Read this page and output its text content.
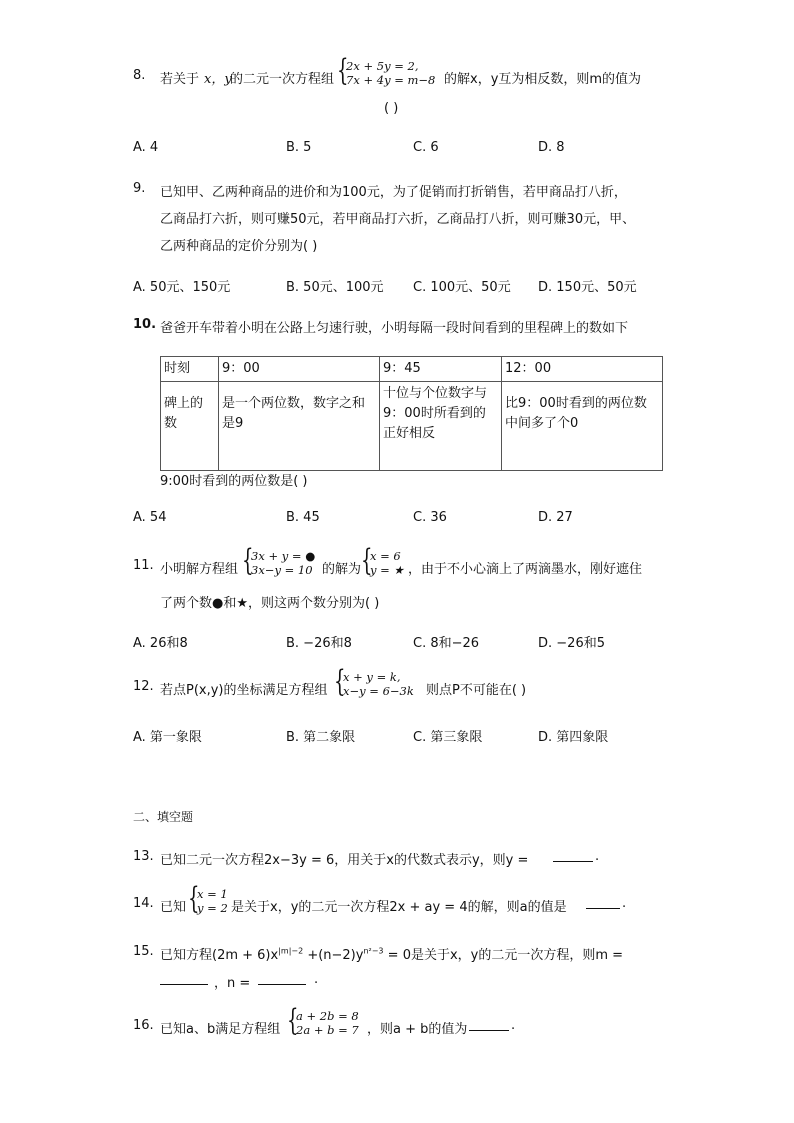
8. 若关于 x，y
的二元一次方程组 {
2x + 5y = 2,
7x + 4y = m−8 的解x，y互为相反数，则m的值为
( )
A. 4	B. 5	C. 6	D. 8
9. 已知甲、乙两种商品的进价和为100元，为了促销而打折销售，若甲商品打八折，
乙商品打六折，则可赚50元，若甲商品打六折，乙商品打八折，则可赚30元，甲、
乙两种商品的定价分别为( )
A. 50元、150元	B. 50元、100元 C. 100元、50元 D. 150元、50元
10. 爸爸开车带着小明在公路上匀速行驶，小明每隔一段时间看到的里程碑上的数如下
时刻	9：00	9：45	12：00
碑上的数	是一个两位数，数字之和是9	十位与个位数字与9：00时所看到的正好相反	比9：00时看到的两位数中间多了个0
9:00时看到的两位数是( )
A. 54	B. 45	C. 36	D. 27
11. 小明解方程组 {
3x + y = ●
3x−y = 10 的解为 {
x = 6
y = ★ ，由于不小心滴上了两滴墨水，刚好遮住
了两个数●和★，则这两个数分别为( )
A. 26和8	B. −26和8	C. 8和−26	D. −26和5
12. 若点P(x,y)的坐标满足方程组 {
x + y = k,
x−y = 6−3k 则点P不可能在( )
A. 第一象限	B. 第二象限	C. 第三象限	D. 第四象限
二、填空题
13. 已知二元一次方程2x−3y = 6，用关于x的代数式表示y，则y =	.
14. 已知 {
x = 1
y = 2 是关于x，y的二元一次方程2x + ay = 4的解，则a的值是	.
15. 已知方程$(2m + 6)x^{|m|-2} +(n-2)y^{n^2-3} = 0$是关于x，y的二元一次方程，则m =
，n =	.
16. 已知a、b满足方程组 {
a + 2b = 8
2a + b = 7 ，则a + b的值为	.
